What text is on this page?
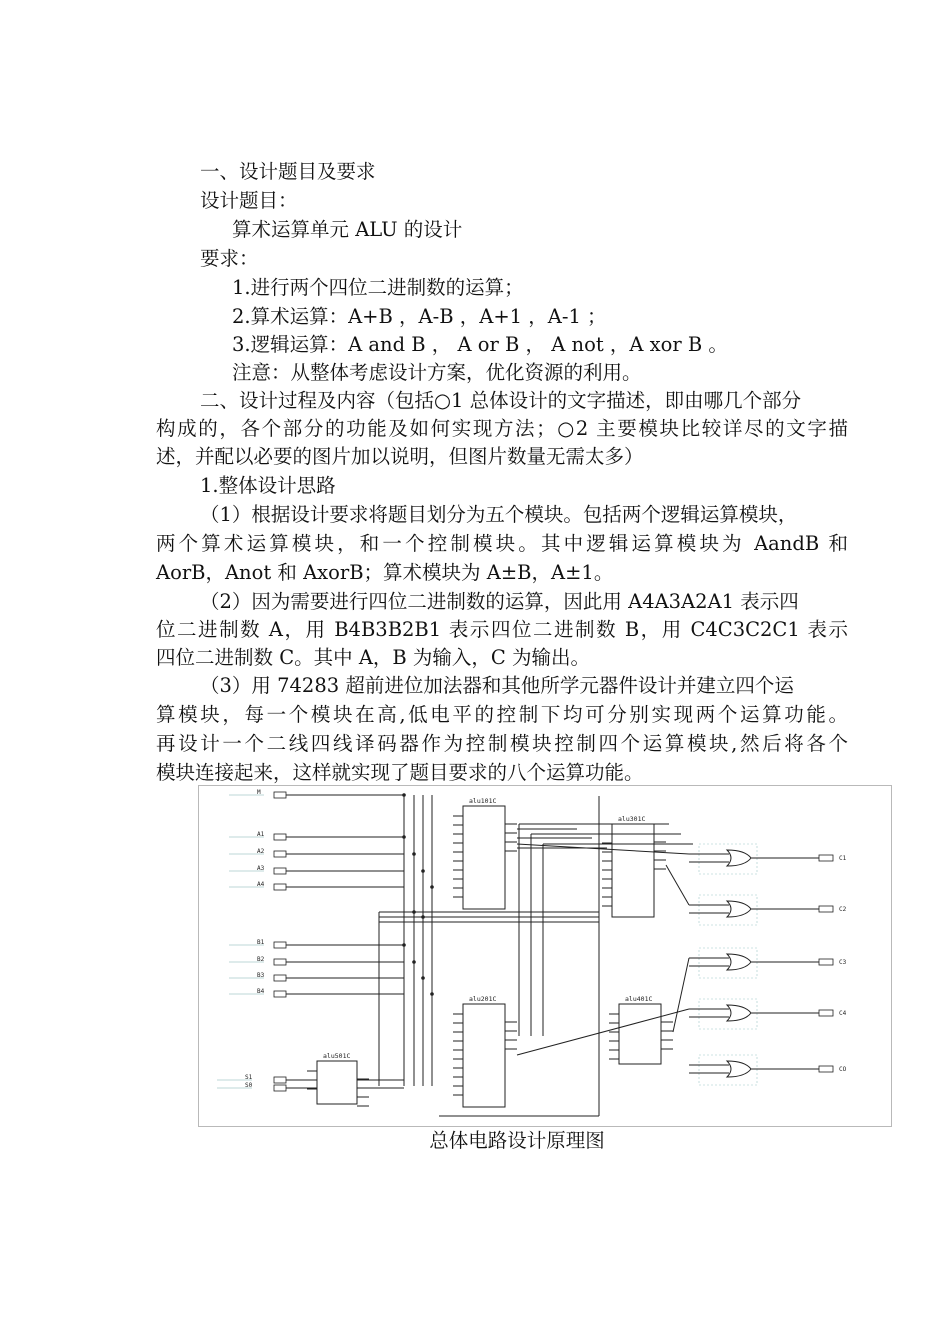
一、设计题目及要求
设计题目：
算术运算单元 ALU 的设计
要求：
1.进行两个四位二进制数的运算；
2.算术运算：A+B ，A-B ，A+1 ，A-1 ；
3.逻辑运算：A and B ， A or B ， A not ，A xor B 。
注意：从整体考虑设计方案，优化资源的利用。
二、设计过程及内容（包括○1 总体设计的文字描述，即由哪几个部分
构成的，各个部分的功能及如何实现方法；○2 主要模块比较详尽的文字描
述，并配以必要的图片加以说明，但图片数量无需太多）
1.整体设计思路
（1）根据设计要求将题目划分为五个模块。包括两个逻辑运算模块，
两个算术运算模块，和一个控制模块。其中逻辑运算模块为 AandB 和
AorB，Anot 和 AxorB；算术模块为 A±B，A±1。
（2）因为需要进行四位二进制数的运算，因此用 A4A3A2A1 表示四
位二进制数 A，用 B4B3B2B1 表示四位二进制数 B，用 C4C3C2C1 表示
四位二进制数 C。其中 A，B 为输入，C 为输出。
（3）用 74283 超前进位加法器和其他所学元器件设计并建立四个运
算模块，每一个模块在高,低电平的控制下均可分别实现两个运算功能。
再设计一个二线四线译码器作为控制模块控制四个运算模块,然后将各个
模块连接起来，这样就实现了题目要求的八个运算功能。
M
A1
A2
A3
A4
B1
B2
B3
B4
S1
S0
alu101C
alu201C
alu301C
alu401C
alu501C
C1
C2
C3
C4
CO
总体电路设计原理图
